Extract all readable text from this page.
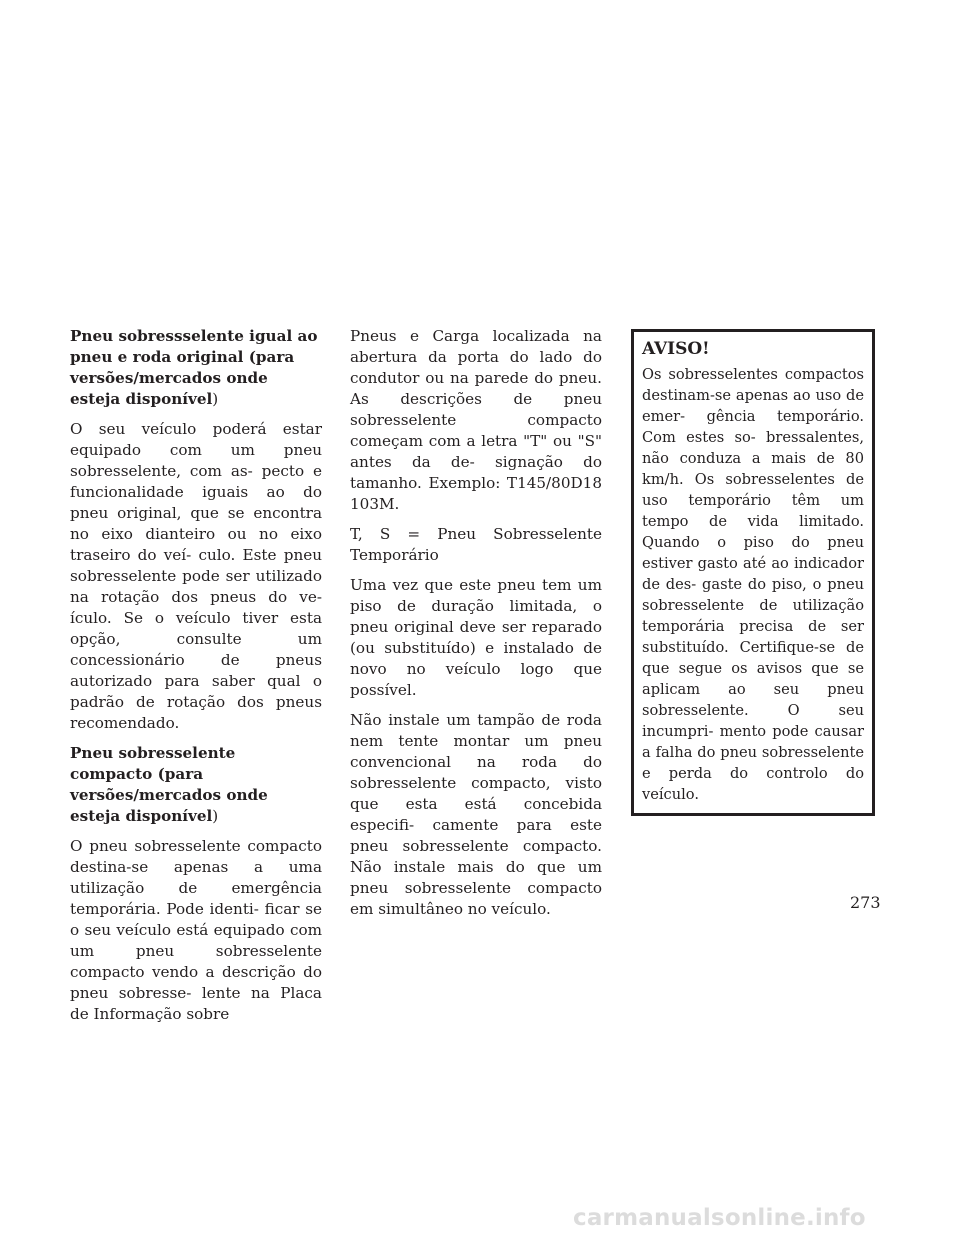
Pneu sobressselente igual ao pneu e roda original (para versões/mercados onde esteja disponível)

O seu veículo poderá estar equipado com um pneu sobresselente, com as- pecto e funcionalidade iguais ao do pneu original, que se encontra no eixo dianteiro ou no eixo traseiro do veí- culo. Este pneu sobresselente pode ser utilizado na rotação dos pneus do ve- ículo. Se o veículo tiver esta opção, consulte um concessionário de pneus autorizado para saber qual o padrão de rotação dos pneus recomendado.

Pneu sobresselente compacto (para versões/mercados onde esteja disponível)

O pneu sobresselente compacto destina-se apenas a uma utilização de emergência temporária. Pode identi- ficar se o seu veículo está equipado com um pneu sobresselente compacto vendo a descrição do pneu sobresse- lente na Placa de Informação sobre

Pneus e Carga localizada na abertura da porta do lado do condutor ou na parede do pneu. As descrições de pneu sobresselente compacto começam com a letra "T" ou "S" antes da de- signação do tamanho. Exemplo: T145/80D18 103M.

T, S = Pneu Sobresselente Temporário

Uma vez que este pneu tem um piso de duração limitada, o pneu original deve ser reparado (ou substituído) e instalado de novo no veículo logo que possível.

Não instale um tampão de roda nem tente montar um pneu convencional na roda do sobresselente compacto, visto que esta está concebida especifi- camente para este pneu sobresselente compacto. Não instale mais do que um pneu sobresselente compacto em simultâneo no veículo.

AVISO!

Os sobresselentes compactos destinam-se apenas ao uso de emer- gência temporário. Com estes so- bressalentes, não conduza a mais de 80 km/h. Os sobresselentes de uso temporário têm um tempo de vida limitado. Quando o piso do pneu estiver gasto até ao indicador de des- gaste do piso, o pneu sobresselente de utilização temporária precisa de ser substituído. Certifique-se de que segue os avisos que se aplicam ao seu pneu sobresselente. O seu incumpri- mento pode causar a falha do pneu sobresselente e perda do controlo do veículo.

273
carmanualsonline.info
